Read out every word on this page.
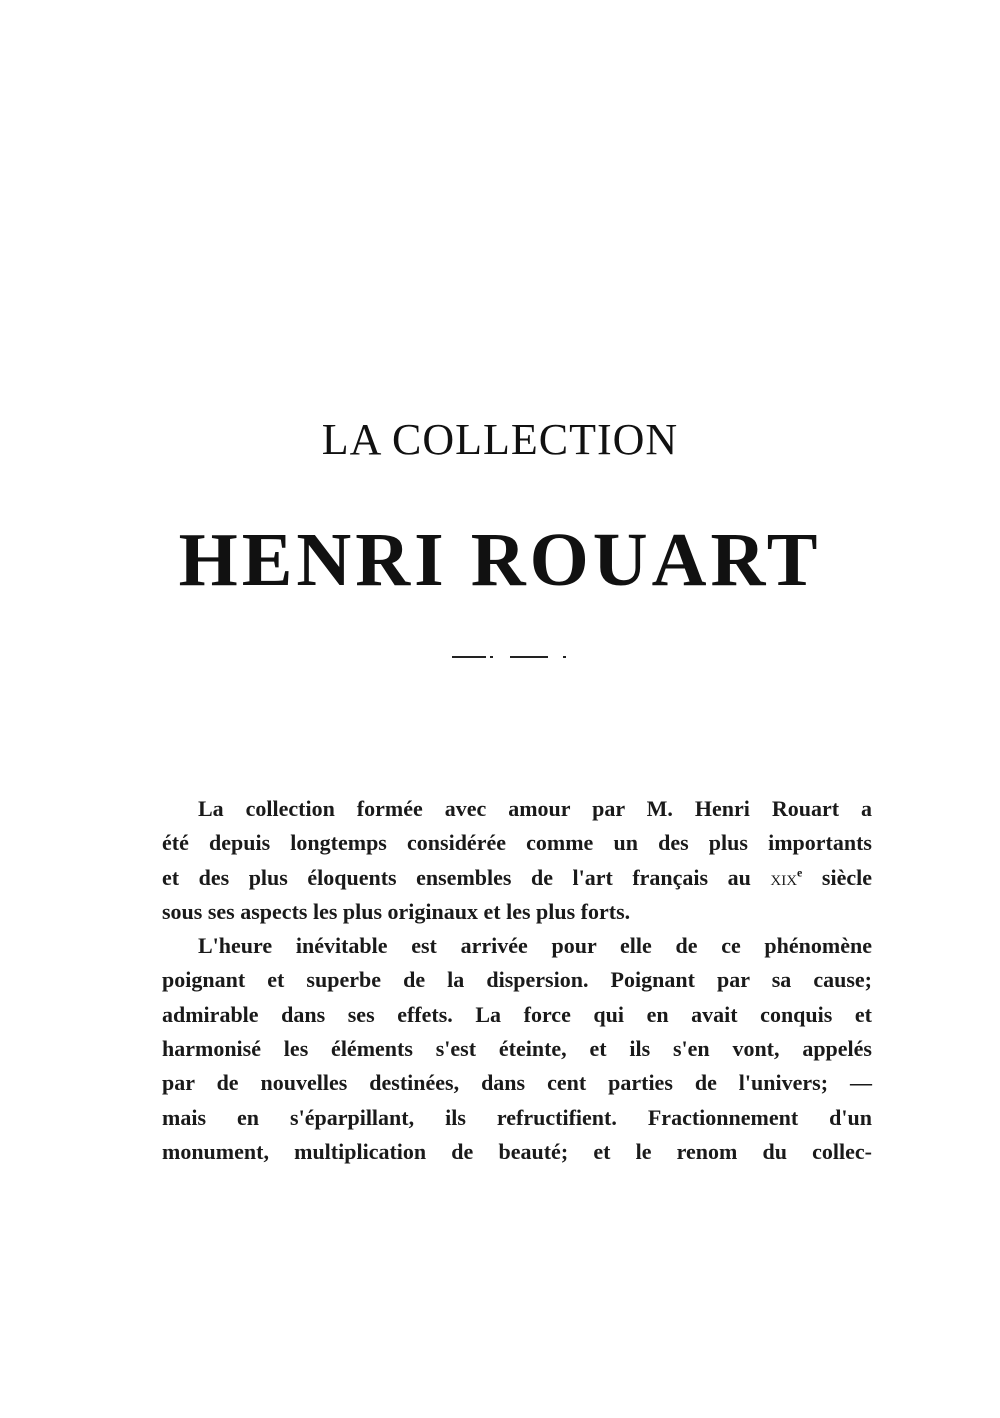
LA COLLECTION
HENRI ROUART
La collection formée avec amour par M. Henri Rouart a
été depuis longtemps considérée comme un des plus importants
et des plus éloquents ensembles de l'art français au xix$^e$ siècle
sous ses aspects les plus originaux et les plus forts.
L'heure inévitable est arrivée pour elle de ce phénomène
poignant et superbe de la dispersion. Poignant par sa cause;
admirable dans ses effets. La force qui en avait conquis et
harmonisé les éléments s'est éteinte, et ils s'en vont, appelés
par de nouvelles destinées, dans cent parties de l'univers; —
mais en s'éparpillant, ils refructifient. Fractionnement d'un
monument, multiplication de beauté; et le renom du collec-
